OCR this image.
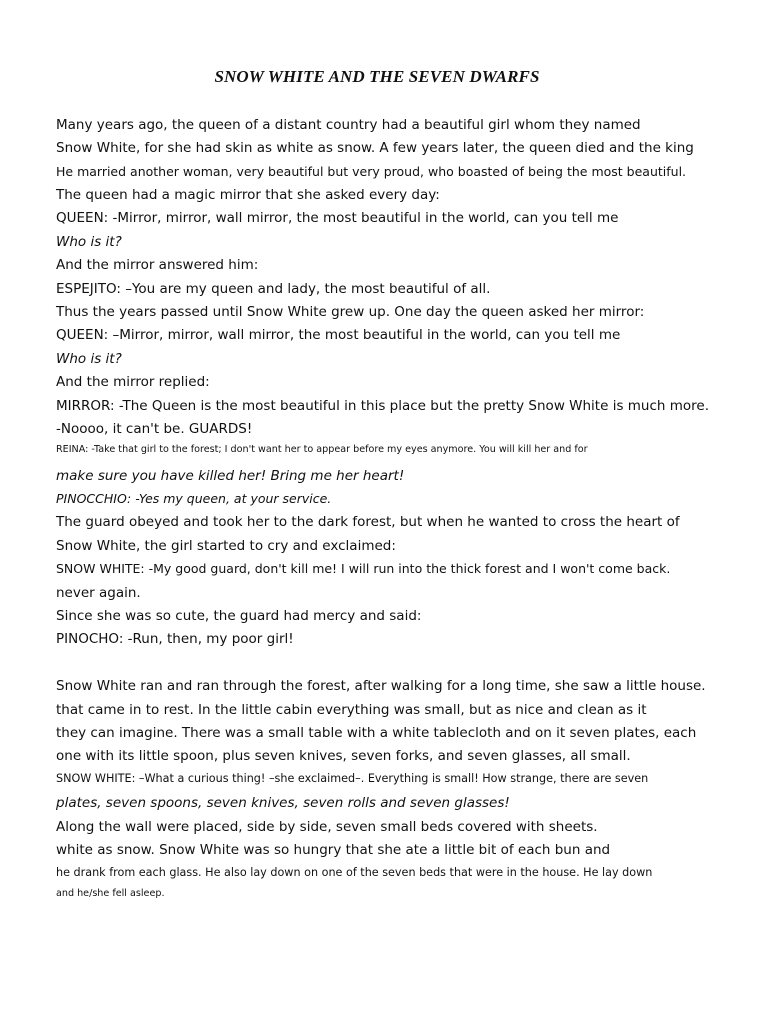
SNOW WHITE AND THE SEVEN DWARFS

Many years ago, the queen of a distant country had a beautiful girl whom they named

Snow White, for she had skin as white as snow. A few years later, the queen died and the king

He married another woman, very beautiful but very proud, who boasted of being the most beautiful.

The queen had a magic mirror that she asked every day:

QUEEN: -Mirror, mirror, wall mirror, the most beautiful in the world, can you tell me

Who is it?

And the mirror answered him:

ESPEJITO: –You are my queen and lady, the most beautiful of all.

Thus the years passed until Snow White grew up. One day the queen asked her mirror:

QUEEN: –Mirror, mirror, wall mirror, the most beautiful in the world, can you tell me

Who is it?

And the mirror replied:

MIRROR: -The Queen is the most beautiful in this place but the pretty Snow White is much more.

-Noooo, it can't be. GUARDS!

REINA: -Take that girl to the forest; I don't want her to appear before my eyes anymore. You will kill her and for

make sure you have killed her! Bring me her heart!

PINOCCHIO: -Yes my queen, at your service.

The guard obeyed and took her to the dark forest, but when he wanted to cross the heart of

Snow White, the girl started to cry and exclaimed:

SNOW WHITE: -My good guard, don't kill me! I will run into the thick forest and I won't come back.

never again.

Since she was so cute, the guard had mercy and said:

PINOCHO: -Run, then, my poor girl!

Snow White ran and ran through the forest, after walking for a long time, she saw a little house.

that came in to rest. In the little cabin everything was small, but as nice and clean as it

they can imagine. There was a small table with a white tablecloth and on it seven plates, each

one with its little spoon, plus seven knives, seven forks, and seven glasses, all small.

SNOW WHITE: –What a curious thing! –she exclaimed–. Everything is small! How strange, there are seven

plates, seven spoons, seven knives, seven rolls and seven glasses!

Along the wall were placed, side by side, seven small beds covered with sheets.

white as snow. Snow White was so hungry that she ate a little bit of each bun and

he drank from each glass. He also lay down on one of the seven beds that were in the house. He lay down

and he/she fell asleep.
